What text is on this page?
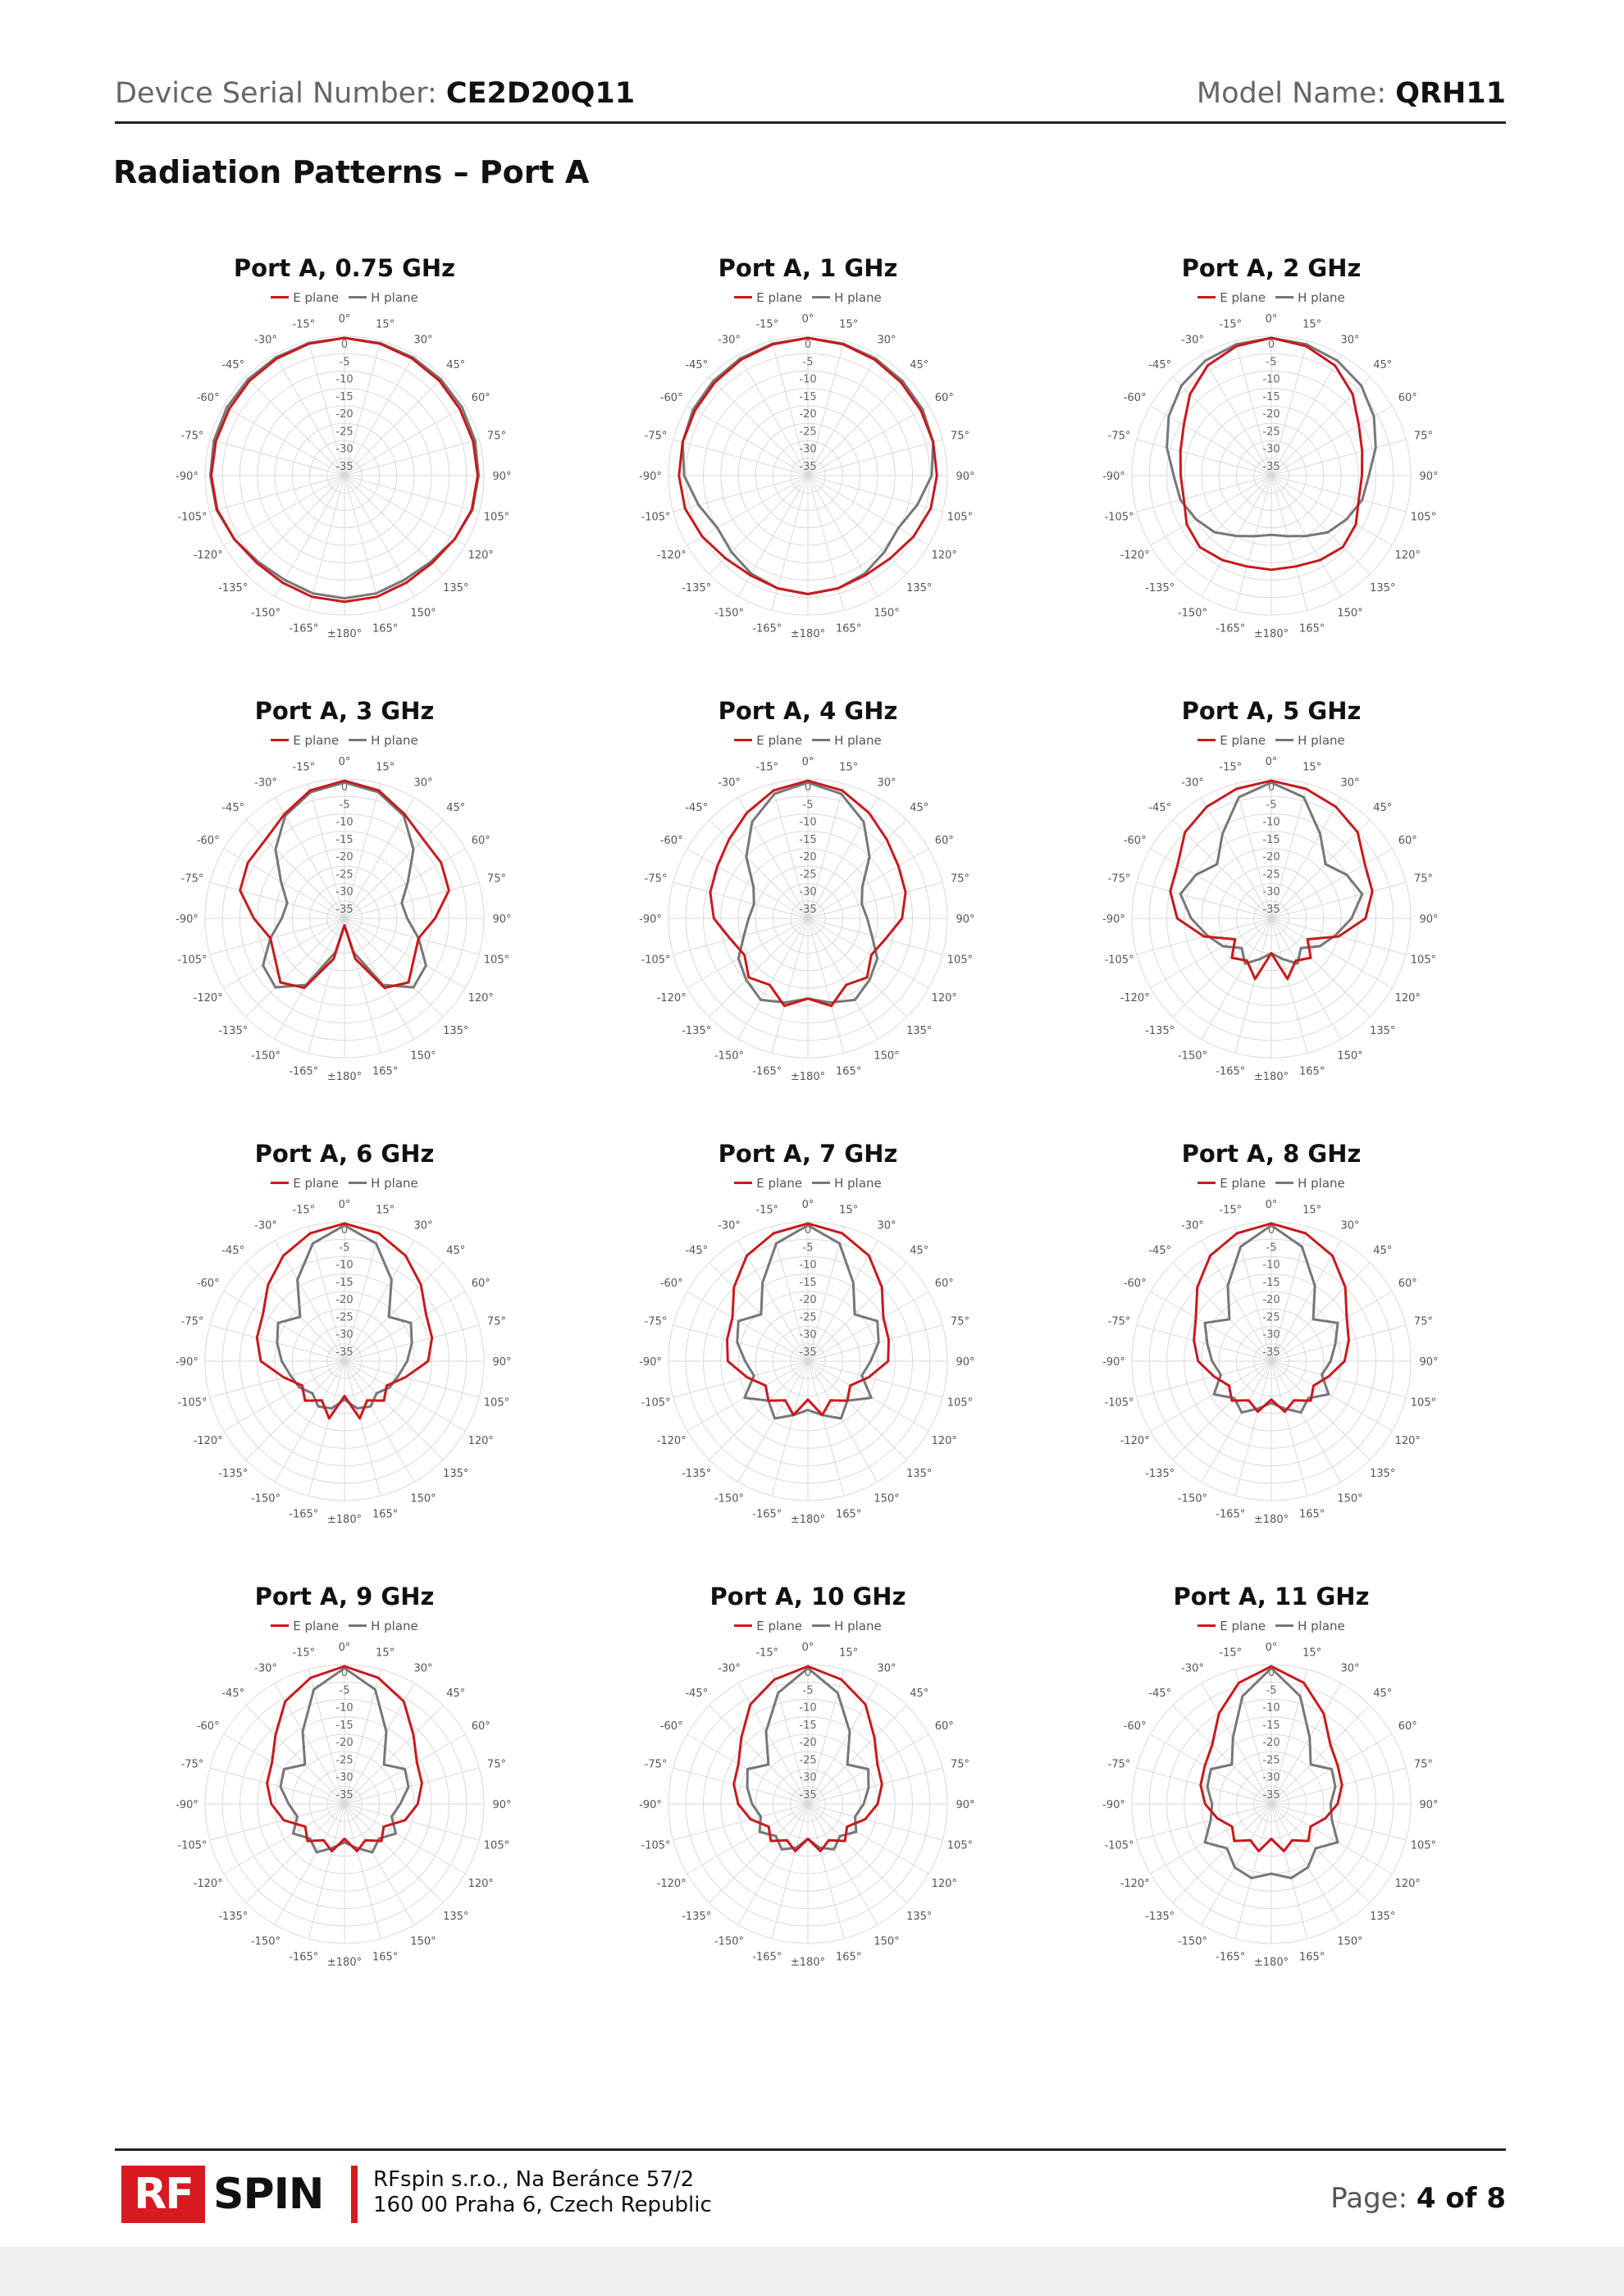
Device Serial Number: CE2D20Q11	Model Name: QRH11
Radiation Patterns – Port A
Port A, 0.75 GHz
E plane	H plane
0° 15°
30°
45°
60°
75°
90°
105°
120°
135°
150°
165°
±180°
-165°
-150°
-135°
-120°
-105°
-90°
-75°
-60°
-45°
-30°
-15°
0
-5
-10
-15
-20
-25
-30
-35
Port A, 1 GHz
E plane	H plane
0° 15°
30°
45°
60°
75°
90°
105°
120°
135°
150°
165°
±180°
-165°
-150°
-135°
-120°
-105°
-90°
-75°
-60°
-45°
-30°
-15°
0
-5
-10
-15
-20
-25
-30
-35
Port A, 2 GHz
E plane	H plane
0° 15°
30°
45°
60°
75°
90°
105°
120°
135°
150°
165°
±180°
-165°
-150°
-135°
-120°
-105°
-90°
-75°
-60°
-45°
-30°
-15°
0
-5
-10
-15
-20
-25
-30
-35
Port A, 3 GHz
E plane	H plane
0° 15°
30°
45°
60°
75°
90°
105°
120°
135°
150°
165°
±180°
-165°
-150°
-135°
-120°
-105°
-90°
-75°
-60°
-45°
-30°
-15°
0
-5
-10
-15
-20
-25
-30
-35
Port A, 4 GHz
E plane	H plane
0° 15°
30°
45°
60°
75°
90°
105°
120°
135°
150°
165°
±180°
-165°
-150°
-135°
-120°
-105°
-90°
-75°
-60°
-45°
-30°
-15°
0
-5
-10
-15
-20
-25
-30
-35
Port A, 5 GHz
E plane	H plane
0° 15°
30°
45°
60°
75°
90°
105°
120°
135°
150°
165°
±180°
-165°
-150°
-135°
-120°
-105°
-90°
-75°
-60°
-45°
-30°
-15°
0
-5
-10
-15
-20
-25
-30
-35
Port A, 6 GHz
E plane	H plane
0° 15°
30°
45°
60°
75°
90°
105°
120°
135°
150°
165°
±180°
-165°
-150°
-135°
-120°
-105°
-90°
-75°
-60°
-45°
-30°
-15°
0
-5
-10
-15
-20
-25
-30
-35
Port A, 7 GHz
E plane	H plane
0° 15°
30°
45°
60°
75°
90°
105°
120°
135°
150°
165°
±180°
-165°
-150°
-135°
-120°
-105°
-90°
-75°
-60°
-45°
-30°
-15°
0
-5
-10
-15
-20
-25
-30
-35
Port A, 8 GHz
E plane	H plane
0° 15°
30°
45°
60°
75°
90°
105°
120°
135°
150°
165°
±180°
-165°
-150°
-135°
-120°
-105°
-90°
-75°
-60°
-45°
-30°
-15°
0
-5
-10
-15
-20
-25
-30
-35
Port A, 9 GHz
E plane	H plane
0° 15°
30°
45°
60°
75°
90°
105°
120°
135°
150°
165°
±180°
-165°
-150°
-135°
-120°
-105°
-90°
-75°
-60°
-45°
-30°
-15°
0
-5
-10
-15
-20
-25
-30
-35
Port A, 10 GHz
E plane	H plane
0° 15°
30°
45°
60°
75°
90°
105°
120°
135°
150°
165°
±180°
-165°
-150°
-135°
-120°
-105°
-90°
-75°
-60°
-45°
-30°
-15°
0
-5
-10
-15
-20
-25
-30
-35
Port A, 11 GHz
E plane	H plane
0° 15°
30°
45°
60°
75°
90°
105°
120°
135°
150°
165°
±180°
-165°
-150°
-135°
-120°
-105°
-90°
-75°
-60°
-45°
-30°
-15°
0
-5
-10
-15
-20
-25
-30
-35
RF SPIN RFspin s.r.o., Na Beránce 57/2
160 00 Praha 6, Czech Republic	Page: 4 of 8
